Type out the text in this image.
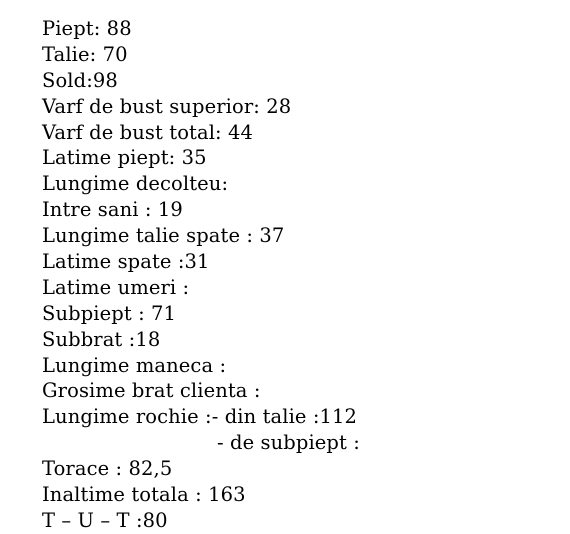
Piept: 88
Talie: 70
Sold:98
Varf de bust superior: 28
Varf de bust total: 44
Latime piept: 35
Lungime decolteu:
Intre sani : 19
Lungime talie spate : 37
Latime spate :31
Latime umeri :
Subpiept : 71
Subbrat :18
Lungime maneca :
Grosime brat clienta :
Lungime rochie :- din talie :112
- de subpiept :
Torace : 82,5
Inaltime totala : 163
T – U – T :80
